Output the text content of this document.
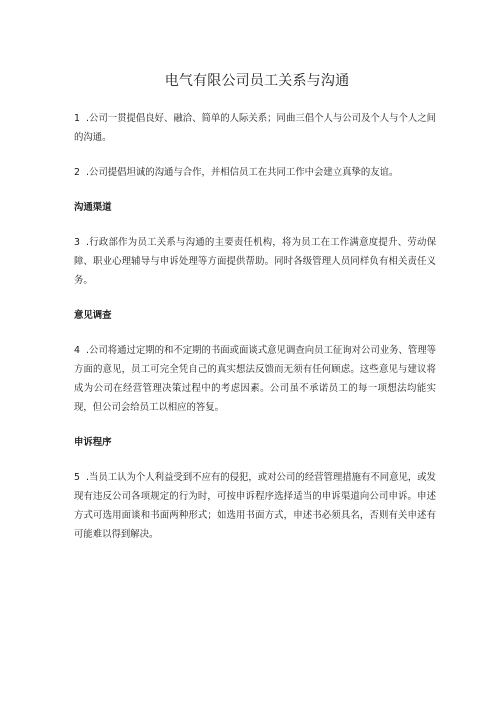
电气有限公司员工关系与沟通

1 .公司一贯提倡良好、融洽、简单的人际关系；同曲三倡个人与公司及个人与个人之间的沟通。

2 .公司提倡坦诚的沟通与合作，并相信员工在共同工作中会建立真挚的友谊。

沟通渠道

3 .行政部作为员工关系与沟通的主要责任机构，将为员工在工作满意度提升、劳动保障、职业心理辅导与申诉处理等方面提供帮助。同时各级管理人员同样负有相关责任义务。

意见调查

4 .公司将通过定期的和不定期的书面或面谈式意见调查向员工征询对公司业务、管理等方面的意见，员工可完全凭自己的真实想法反馈而无须有任何顾虑。这些意见与建议将成为公司在经营管理决策过程中的考虑因素。公司虽不承诺员工的每一项想法均能实现，但公司会给员工以相应的答复。

申诉程序

5 .当员工认为个人利益受到不应有的侵犯，或对公司的经营管理措施有不同意见，或发现有违反公司各项规定的行为时，可按申诉程序选择适当的申诉渠道向公司申诉。申述方式可选用面谈和书面两种形式；如选用书面方式，申述书必须具名，否则有关申述有可能难以得到解决。
